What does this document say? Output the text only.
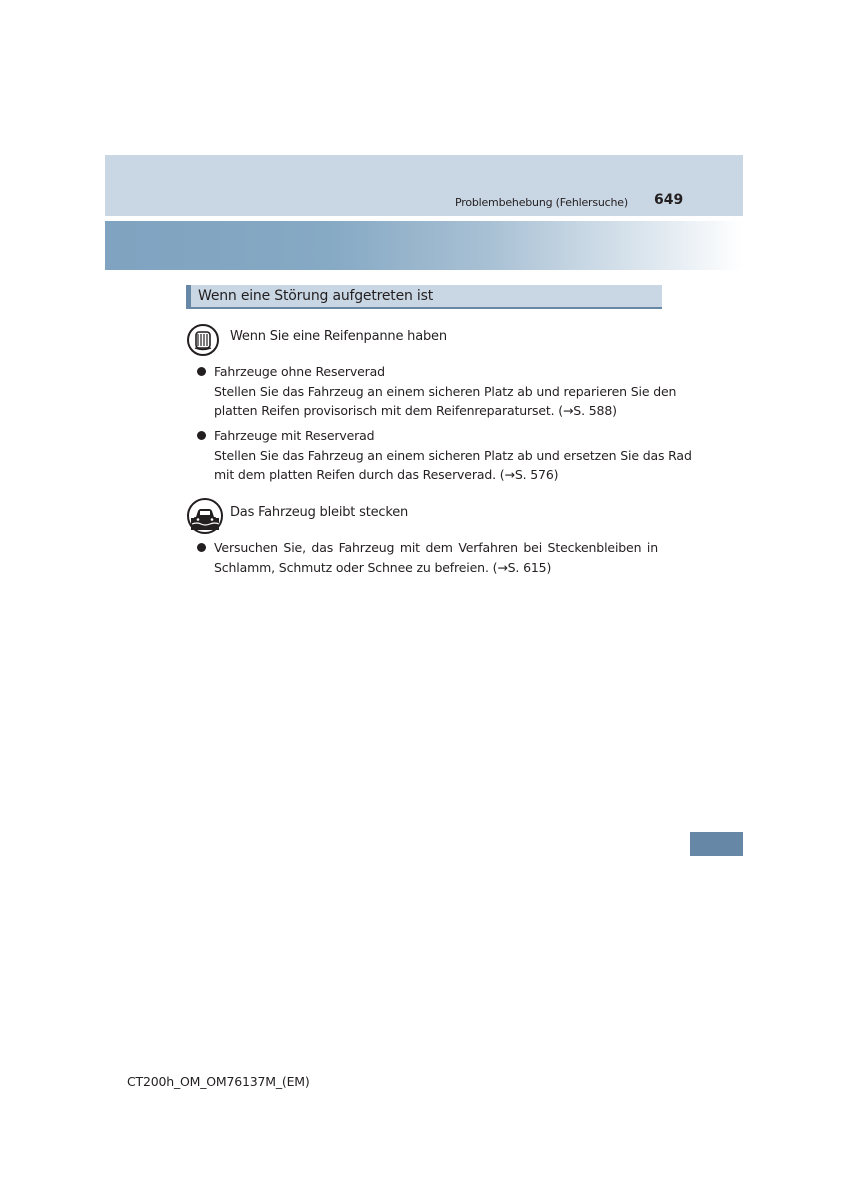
Problembehebung (Fehlersuche) 649
Wenn eine Störung aufgetreten ist
Wenn Sie eine Reifenpanne haben
Fahrzeuge ohne Reserverad
Stellen Sie das Fahrzeug an einem sicheren Platz ab und reparieren Sie den
platten Reifen provisorisch mit dem Reifenreparaturset. (→S. 588)
Fahrzeuge mit Reserverad
Stellen Sie das Fahrzeug an einem sicheren Platz ab und ersetzen Sie das Rad
mit dem platten Reifen durch das Reserverad. (→S. 576)
Das Fahrzeug bleibt stecken
Versuchen Sie, das Fahrzeug mit dem Verfahren bei Steckenbleiben in
Schlamm, Schmutz oder Schnee zu befreien. (→S. 615)
CT200h_OM_OM76137M_(EM)
